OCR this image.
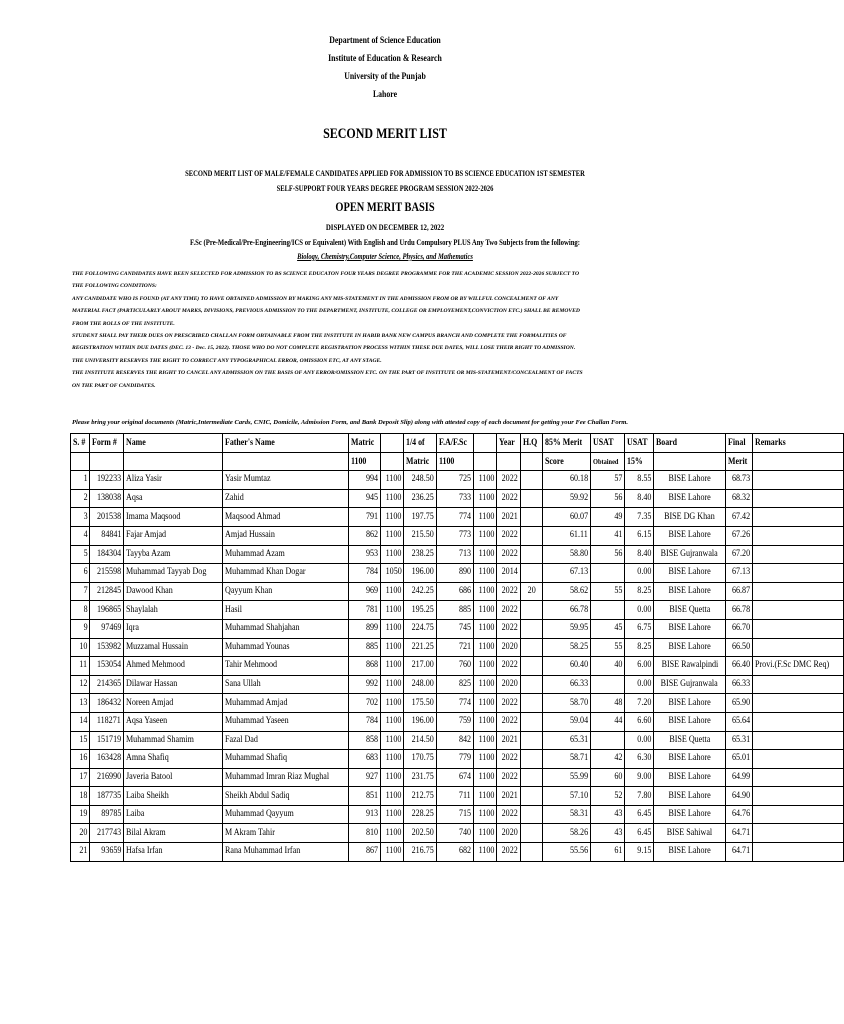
Department of Science Education
Institute of Education & Research
University of the Punjab
Lahore
SECOND MERIT LIST
SECOND MERIT LIST OF MALE/FEMALE CANDIDATES APPLIED FOR ADMISSION TO BS SCIENCE EDUCATION 1ST SEMESTER
SELF-SUPPORT FOUR YEARS DEGREE PROGRAM SESSION 2022-2026
OPEN MERIT BASIS
DISPLAYED ON DECEMBER 12, 2022
F.Sc (Pre-Medical/Pre-Engineering/ICS or Equivalent) With English and Urdu Compulsory PLUS Any Two Subjects from the following:
Biology, Chemistry,Computer Science, Physics, and Mathematics
THE FOLLOWING CANDIDATES HAVE BEEN SELECTED FOR ADMISSION TO BS SCIENCE EDUCATON FOUR YEARS DEGREE PROGRAMME FOR THE ACADEMIC SESSION 2022-2026 SUBJECT TO
THE FOLLOWING CONDITIONS:
ANY CANDIDATE WHO IS FOUND (AT ANY TIME) TO HAVE OBTAINED ADMISSION BY MAKING ANY MIS-STATEMENT IN THE ADMISSION FROM OR BY WILLFUL CONCEALMENT OF ANY
MATERIAL FACT (PARTICULARLY ABOUT MARKS, DIVISIONS, PREVIOUS ADMISSION TO THE DEPARTMENT, INSTITUTE, COLLEGE OR EMPLOYEMENT,CONVICTION ETC.) SHALL BE REMOVED
FROM THE ROLLS OF THE INSTITUTE.
STUDENT SHALL PAY THEIR DUES ON PRESCRIBED CHALLAN FORM OBTAINABLE FROM THE INSTITUTE IN HABIB BANK NEW CAMPUS BRANCH AND COMPLETE THE FORMALITIES OF
REGISTRATION WITHIN DUE DATES (DEC. 13 - Dec. 15, 2022). THOSE WHO DO NOT COMPLETE REGISTRATION PROCESS WITHIN THESE DUE DATES, WILL LOSE THEIR RIGHT TO ADMISSION.
THE UNIVERSITY RESERVES THE RIGHT TO CORRECT ANY TYPOGRAPHICAL ERROR, OMISSION ETC, AT ANY STAGE.
THE INSTITUTE RESERVES THE RIGHT TO CANCEL ANY ADMISSION ON THE BASIS OF ANY ERROR/OMISSION ETC. ON THE PART OF INSTITUTE OR MIS-STATEMENT/CONCEALMENT OF FACTS
ON THE PART OF CANDIDATES.
Please bring your original documents (Matric,Intermediate Cards, CNIC, Domicile, Admission Form, and Bank Deposit Slip) along with attested copy of each document for getting your Fee Challan Form.
S. #	Form #	Name	Father's Name	Matric		1/4 of	F.A/F.Sc		Year	H.Q	85% Merit	USAT	USAT	Board	Final	Remarks
				1100		Matric	1100				Score	Obtained	15%		Merit	
1	192233	Aliza Yasir	Yasir Mumtaz	994	1100	248.50	725	1100	2022		60.18	57	8.55	BISE Lahore	68.73	
2	138038	Aqsa	Zahid	945	1100	236.25	733	1100	2022		59.92	56	8.40	BISE Lahore	68.32	
3	201538	Imama Maqsood	Maqsood Ahmad	791	1100	197.75	774	1100	2021		60.07	49	7.35	BISE DG Khan	67.42	
4	84841	Fajar Amjad	Amjad Hussain	862	1100	215.50	773	1100	2022		61.11	41	6.15	BISE Lahore	67.26	
5	184304	Tayyba Azam	Muhammad Azam	953	1100	238.25	713	1100	2022		58.80	56	8.40	BISE Gujranwala	67.20	
6	215598	Muhammad Tayyab Dog	Muhammad Khan Dogar	784	1050	196.00	890	1100	2014		67.13		0.00	BISE Lahore	67.13	
7	212845	Dawood Khan	Qayyum Khan	969	1100	242.25	686	1100	2022	20	58.62	55	8.25	BISE Lahore	66.87	
8	196865	Shaylalah	Hasil	781	1100	195.25	885	1100	2022		66.78		0.00	BISE Quetta	66.78	
9	97469	Iqra	Muhammad Shahjahan	899	1100	224.75	745	1100	2022		59.95	45	6.75	BISE Lahore	66.70	
10	153982	Muzzamal Hussain	Muhammad Younas	885	1100	221.25	721	1100	2020		58.25	55	8.25	BISE Lahore	66.50	
11	153054	Ahmed Mehmood	Tahir Mehmood	868	1100	217.00	760	1100	2022		60.40	40	6.00	BISE Rawalpindi	66.40	Provi.(F.Sc DMC Req)
12	214365	Dilawar Hassan	Sana Ullah	992	1100	248.00	825	1100	2020		66.33		0.00	BISE Gujranwala	66.33	
13	186432	Noreen Amjad	Muhammad Amjad	702	1100	175.50	774	1100	2022		58.70	48	7.20	BISE Lahore	65.90	
14	118271	Aqsa Yaseen	Muhammad Yaseen	784	1100	196.00	759	1100	2022		59.04	44	6.60	BISE Lahore	65.64	
15	151719	Muhammad Shamim	Fazal Dad	858	1100	214.50	842	1100	2021		65.31		0.00	BISE Quetta	65.31	
16	163428	Amna Shafiq	Muhammad Shafiq	683	1100	170.75	779	1100	2022		58.71	42	6.30	BISE Lahore	65.01	
17	216990	Javeria Batool	Muhammad Imran Riaz Mughal	927	1100	231.75	674	1100	2022		55.99	60	9.00	BISE Lahore	64.99	
18	187735	Laiba Sheikh	Sheikh Abdul Sadiq	851	1100	212.75	711	1100	2021		57.10	52	7.80	BISE Lahore	64.90	
19	89785	Laiba	Muhammad Qayyum	913	1100	228.25	715	1100	2022		58.31	43	6.45	BISE Lahore	64.76	
20	217743	Bilal Akram	M Akram Tahir	810	1100	202.50	740	1100	2020		58.26	43	6.45	BISE Sahiwal	64.71	
21	93659	Hafsa Irfan	Rana Muhammad Irfan	867	1100	216.75	682	1100	2022		55.56	61	9.15	BISE Lahore	64.71	
